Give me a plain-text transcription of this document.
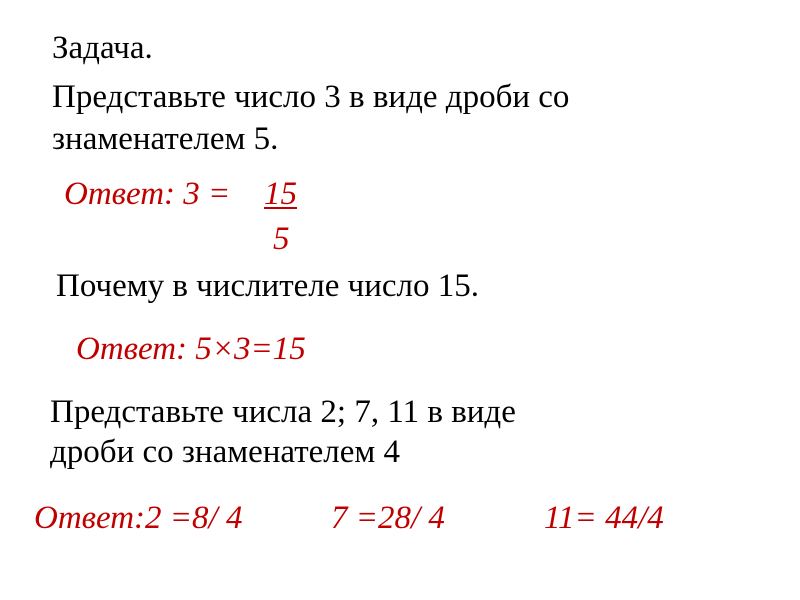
Задача.
Представьте число 3 в виде дроби со
знаменателем 5.
Ответ: 3 = 15
5
Почему в числителе число 15.
Ответ: 5×3=15
Представьте числа 2; 7, 11 в виде
дроби со знаменателем 4
Ответ:2 =8/ 4	7 =28/ 4	11= 44/4
